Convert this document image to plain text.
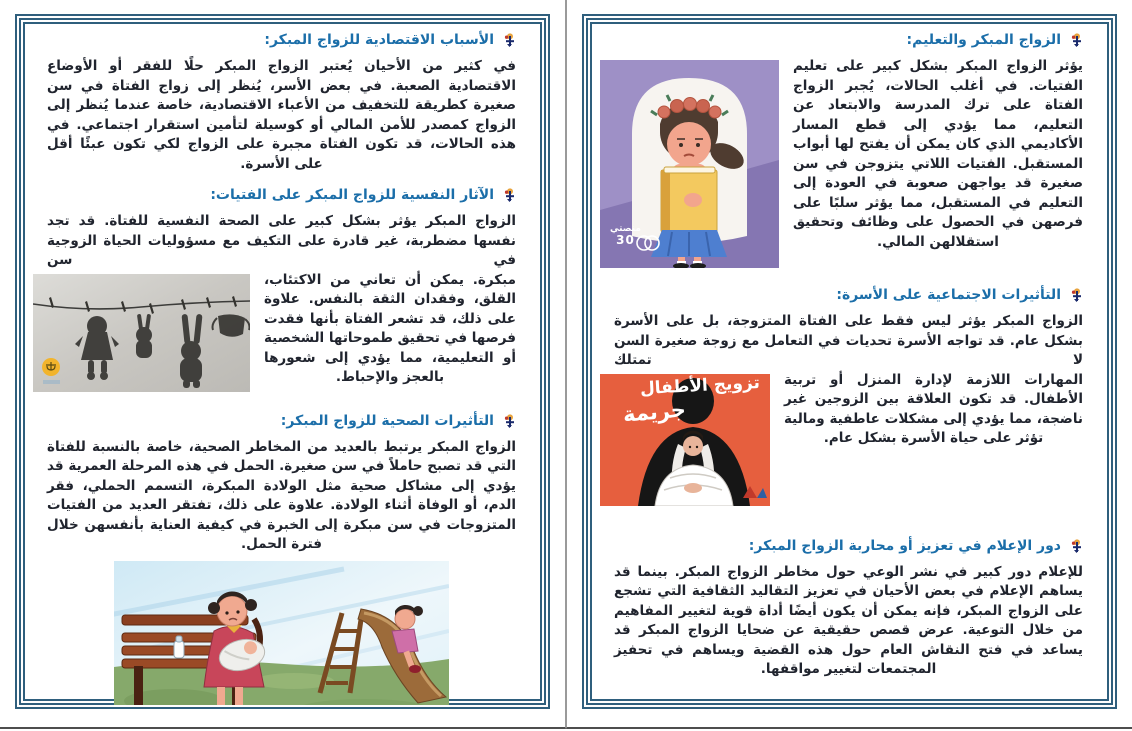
الأسباب الاقتصادية للزواج المبكر:

في كثير من الأحيان يُعتبر الزواج المبكر حلًا للفقر أو الأوضاع الاقتصادية الصعبة. في بعض الأسر، يُنظر إلى زواج الفتاة في سن صغيرة كطريقة للتخفيف من الأعباء الاقتصادية، خاصة عندما يُنظر إلى الزواج كمصدر للأمن المالي أو كوسيلة لتأمين استقرار اجتماعي. في هذه الحالات، قد تكون الفتاة مجبرة على الزواج لكي تكون عبئًا أقل على الأسرة.

الآثار النفسية للزواج المبكر على الفتيات:

الزواج المبكر يؤثر بشكل كبير على الصحة النفسية للفتاة. قد تجد نفسها مضطربة، غير قادرة على التكيف مع مسؤوليات الحياة الزوجية في سن

مبكرة. يمكن أن تعاني من الاكتئاب، القلق، وفقدان الثقة بالنفس. علاوة على ذلك، قد تشعر الفتاة بأنها فقدت فرصها في تحقيق طموحاتها الشخصية أو التعليمية، مما يؤدي إلى شعورها بالعجز والإحباط.
التأثيرات الصحية للزواج المبكر:

الزواج المبكر يرتبط بالعديد من المخاطر الصحية، خاصة بالنسبة للفتاة التي قد تصبح حاملاً في سن صغيرة. الحمل في هذه المرحلة العمرية قد يؤدي إلى مشاكل صحية مثل الولادة المبكرة، التسمم الحملي، فقر الدم، أو الوفاة أثناء الولادة. علاوة على ذلك، تفتقر العديد من الفتيات المتزوجات في سن مبكرة إلى الخبرة في كيفية العناية بأنفسهن خلال فترة الحمل.

الزواج المبكر والتعليم:
منصتي
30
يؤثر الزواج المبكر بشكل كبير على تعليم الفتيات. في أغلب الحالات، يُجبر الزواج الفتاة على ترك المدرسة والابتعاد عن التعليم، مما يؤدي إلى قطع المسار الأكاديمي الذي كان يمكن أن يفتح لها أبواب المستقبل. الفتيات اللاتي يتزوجن في سن صغيرة قد يواجهن صعوبة في العودة إلى التعليم في المستقبل، مما يؤثر سلبًا على فرصهن في الحصول على وظائف وتحقيق استقلالهن المالي.
التأثيرات الاجتماعية على الأسرة:

الزواج المبكر يؤثر ليس فقط على الفتاة المتزوجة، بل على الأسرة بشكل عام. قد تواجه الأسرة تحديات في التعامل مع زوجة صغيرة السن لا تمتلك

تزويج الأطفال
جريمة
المهارات اللازمة لإدارة المنزل أو تربية الأطفال. قد تكون العلاقة بين الزوجين غير ناضجة، مما يؤدي إلى مشكلات عاطفية ومالية تؤثر على حياة الأسرة بشكل عام.
دور الإعلام في تعزيز أو محاربة الزواج المبكر:

للإعلام دور كبير في نشر الوعي حول مخاطر الزواج المبكر. بينما قد يساهم الإعلام في بعض الأحيان في تعزيز التقاليد الثقافية التي تشجع على الزواج المبكر، فإنه يمكن أن يكون أيضًا أداة قوية لتغيير المفاهيم من خلال التوعية. عرض قصص حقيقية عن ضحايا الزواج المبكر قد يساعد في فتح النقاش العام حول هذه القضية ويساهم في تحفيز المجتمعات لتغيير مواقفها.
